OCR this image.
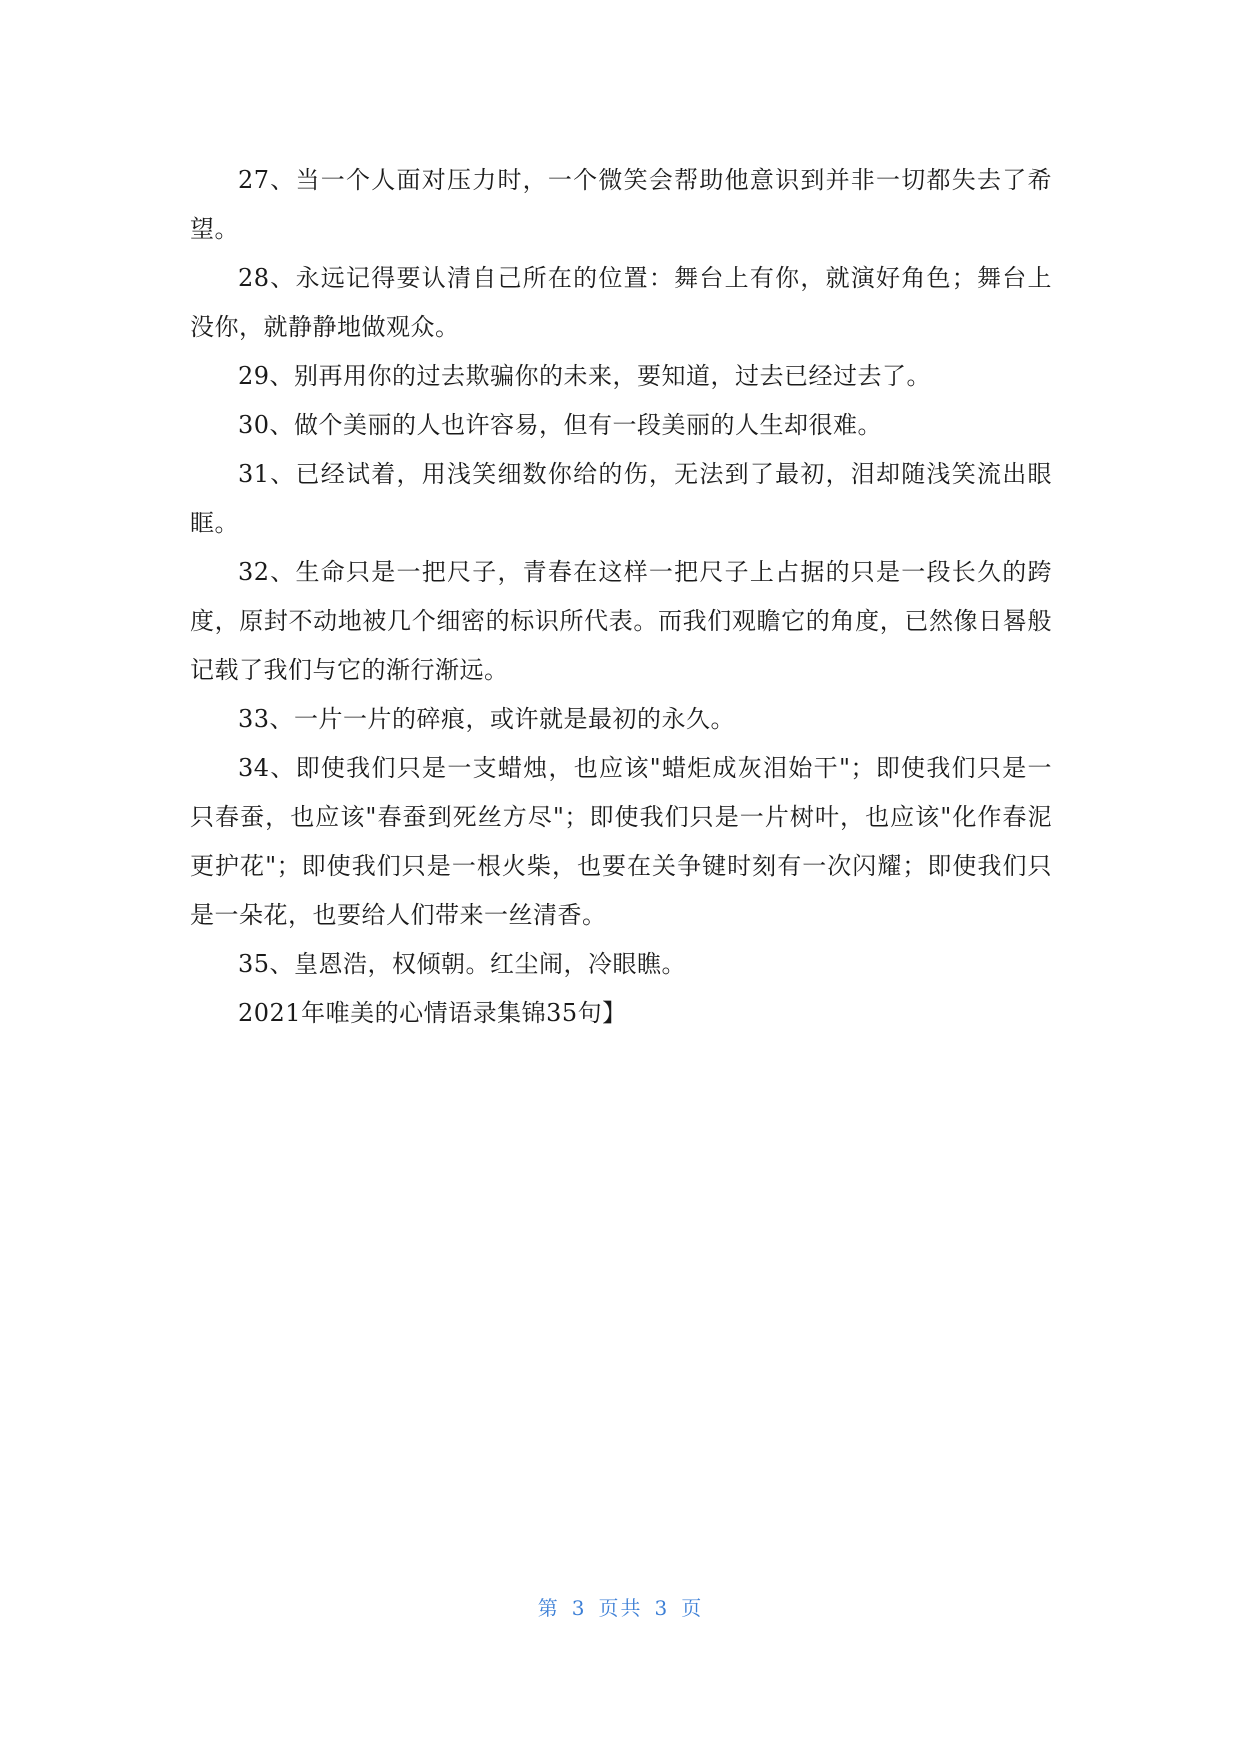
27、当一个人面对压力时，一个微笑会帮助他意识到并非一切都失去了希望。

28、永远记得要认清自己所在的位置：舞台上有你，就演好角色；舞台上没你，就静静地做观众。

29、别再用你的过去欺骗你的未来，要知道，过去已经过去了。

30、做个美丽的人也许容易，但有一段美丽的人生却很难。

31、已经试着，用浅笑细数你给的伤，无法到了最初，泪却随浅笑流出眼眶。

32、生命只是一把尺子，青春在这样一把尺子上占据的只是一段长久的跨度，原封不动地被几个细密的标识所代表。而我们观瞻它的角度，已然像日晷般记载了我们与它的渐行渐远。

33、一片一片的碎痕，或许就是最初的永久。

34、即使我们只是一支蜡烛，也应该"蜡炬成灰泪始干"；即使我们只是一只春蚕，也应该"春蚕到死丝方尽"；即使我们只是一片树叶，也应该"化作春泥更护花"；即使我们只是一根火柴，也要在关争键时刻有一次闪耀；即使我们只是一朵花，也要给人们带来一丝清香。

35、皇恩浩，权倾朝。红尘闹，冷眼瞧。

2021年唯美的心情语录集锦35句】

第 3 页共 3 页
